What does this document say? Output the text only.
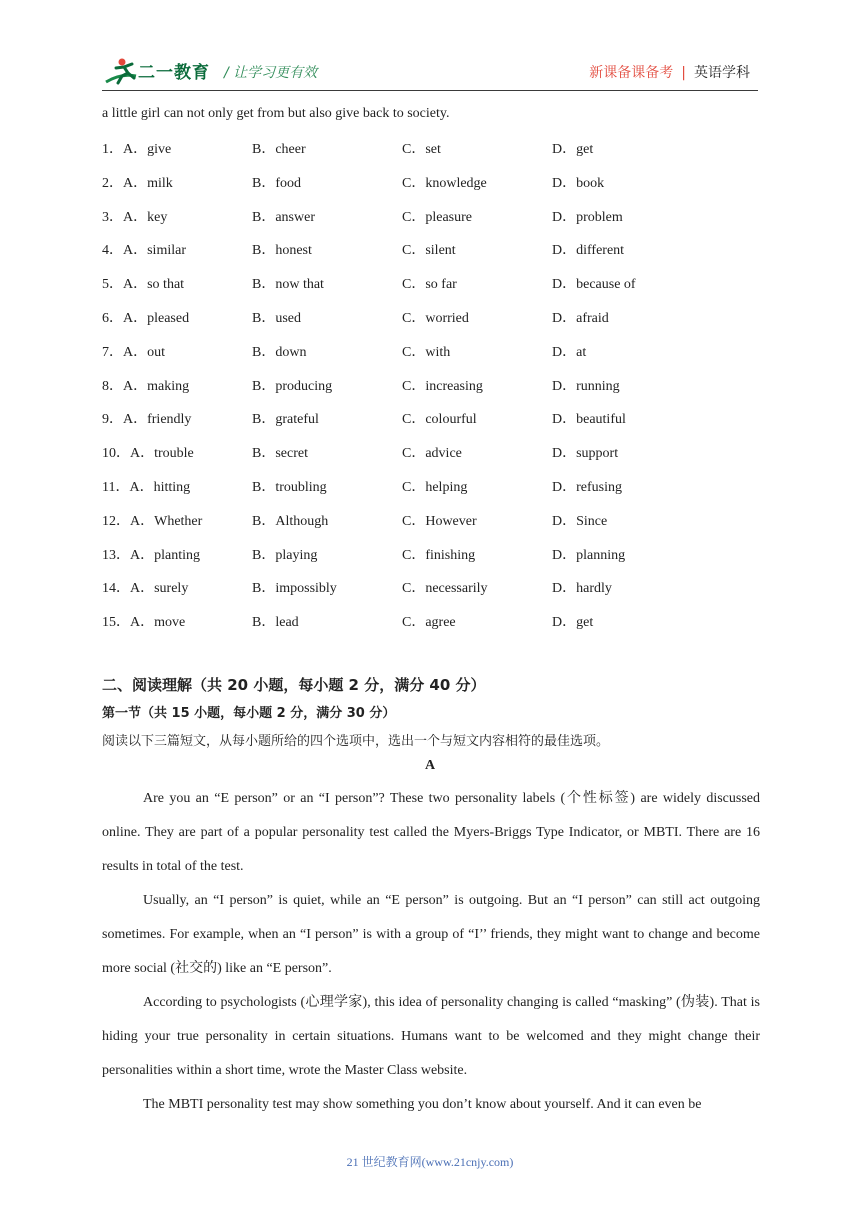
二一教育 / 让学习更有效	新课备课备考 | 英语学科

a little girl can not only get from but also give back to society.

1．A．give	B．cheer	C．set	D．get
2．A．milk	B．food	C．knowledge	D．book
3．A．key	B．answer	C．pleasure	D．problem
4．A．similar	B．honest	C．silent	D．different
5．A．so that	B．now that	C．so far	D．because of
6．A．pleased	B．used	C．worried	D．afraid
7．A．out	B．down	C．with	D．at
8．A．making	B．producing	C．increasing	D．running
9．A．friendly	B．grateful	C．colourful	D．beautiful
10．A．trouble	B．secret	C．advice	D．support
11．A．hitting	B．troubling	C．helping	D．refusing
12．A．Whether	B．Although	C．However	D．Since
13．A．planting	B．playing	C．finishing	D．planning
14．A．surely	B．impossibly	C．necessarily	D．hardly
15．A．move	B．lead	C．agree	D．get
二、阅读理解（共 20 小题，每小题 2 分，满分 40 分）
第一节（共 15 小题，每小题 2 分，满分 30 分）
阅读以下三篇短文，从每小题所给的四个选项中，选出一个与短文内容相符的最佳选项。
A

Are you an “E person” or an “I person”? These two personality labels (个性标签) are widely discussed online. They are part of a popular personality test called the Myers-Briggs Type Indicator, or MBTI. There are 16 results in total of the test.

Usually, an “I person” is quiet, while an “E person” is outgoing. But an “I person” can still act outgoing sometimes. For example, when an “I person” is with a group of “I’’ friends, they might want to change and become more social (社交的) like an “E person”.

According to psychologists (心理学家), this idea of personality changing is called “masking” (伪装). That is hiding your true personality in certain situations. Humans want to be welcomed and they might change their personalities within a short time, wrote the Master Class website.

The MBTI personality test may show something you don’t know about yourself. And it can even be

21 世纪教育网(www.21cnjy.com)
